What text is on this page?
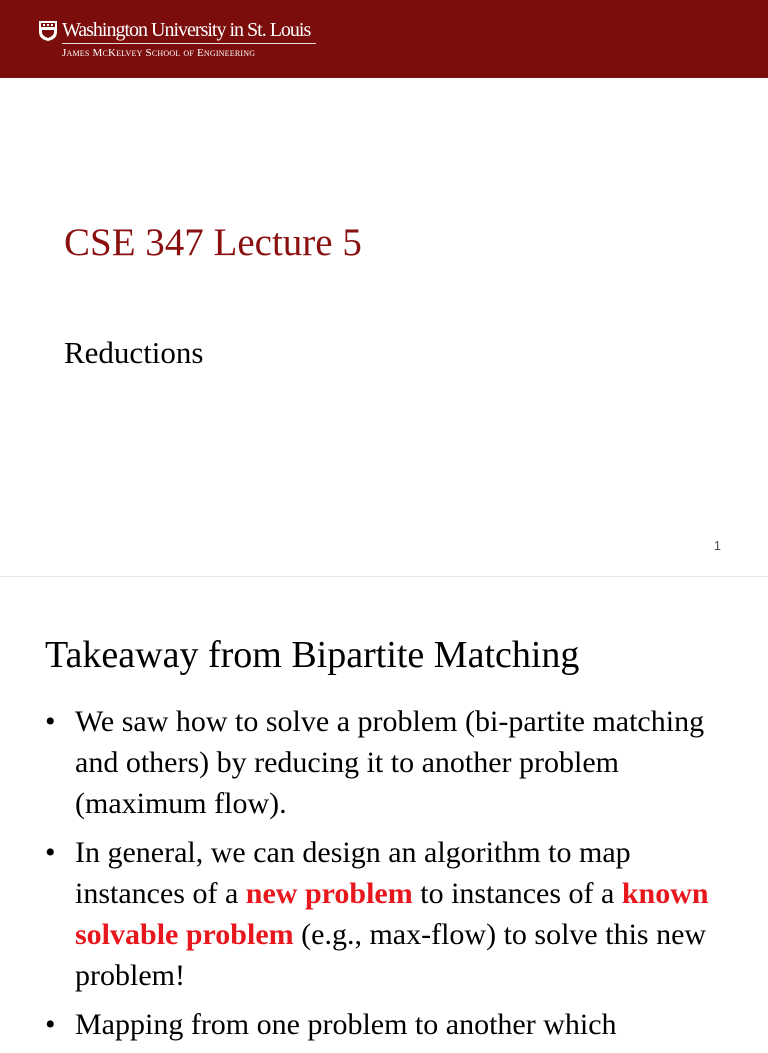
Washington University in St. Louis
James McKelvey School of Engineering
CSE 347 Lecture 5
Reductions
1
Takeaway from Bipartite Matching
• We saw how to solve a problem (bi-partite matching and others) by reducing it to another problem (maximum flow).
• In general, we can design an algorithm to map instances of a new problem to instances of a known solvable problem (e.g., max-flow) to solve this new problem!
• Mapping from one problem to another which
